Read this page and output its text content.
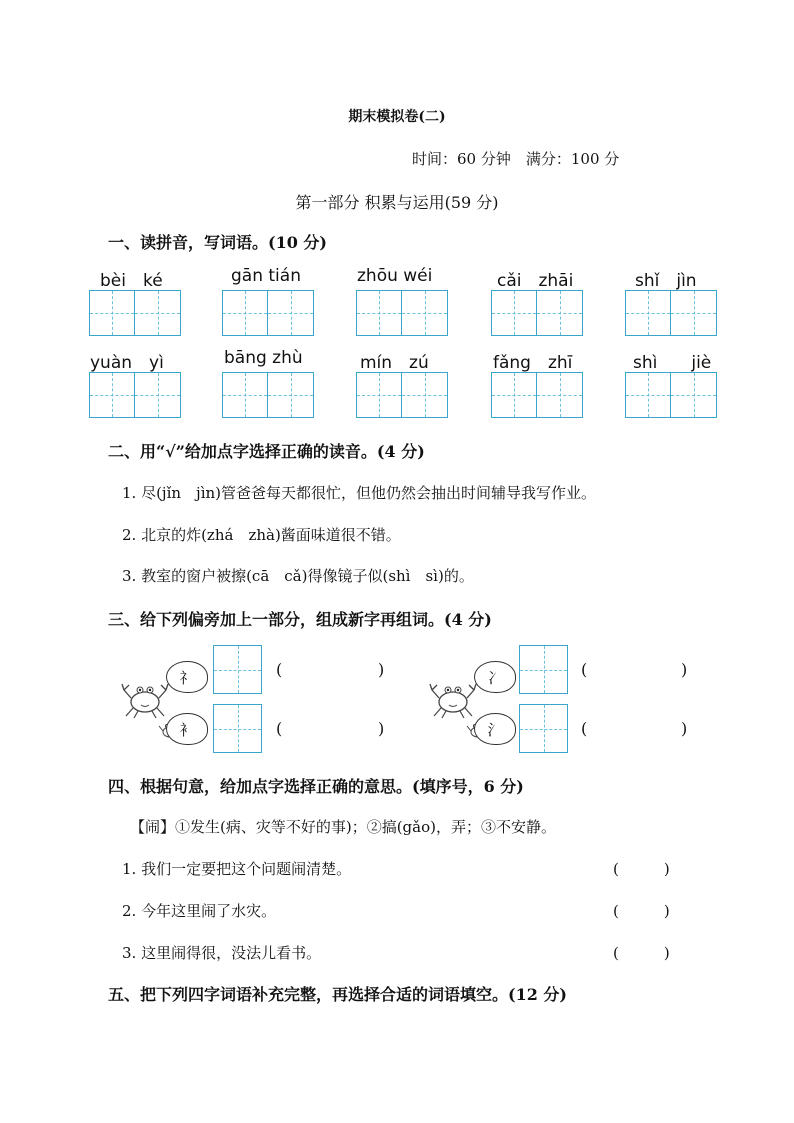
期末模拟卷(二)
时间：60 分钟　满分：100 分
第一部分 积累与运用(59 分)
一、读拼音，写词语。(10 分)
bèi　ké	gān tián	zhōu wéi	cǎi　zhāi	shǐ　jìn
yuàn　yì	bāng zhù	mín　zú	fǎng　zhī	shì　　jiè
二、用“√”给加点字选择正确的读音。(4 分)
1. 尽(jǐn　jìn)管爸爸每天都很忙，但他仍然会抽出时间辅导我写作业。
2. 北京的炸(zhá　zhà)酱面味道很不错。
3. 教室的窗户被擦(cā　cǎ)得像镜子似(shì　sì)的。
三、给下列偏旁加上一部分，组成新字再组词。(4 分)
礻
衤
(	)
(	)
冫
氵
(	)
(	)
四、根据句意，给加点字选择正确的意思。(填序号，6 分)
【闹】①发生(病、灾等不好的事)；②搞(gǎo)，弄；③不安静。
1. 我们一定要把这个问题闹清楚。	(　　　)
2. 今年这里闹了水灾。	(　　　)
3. 这里闹得很，没法儿看书。	(　　　)
五、把下列四字词语补充完整，再选择合适的词语填空。(12 分)
